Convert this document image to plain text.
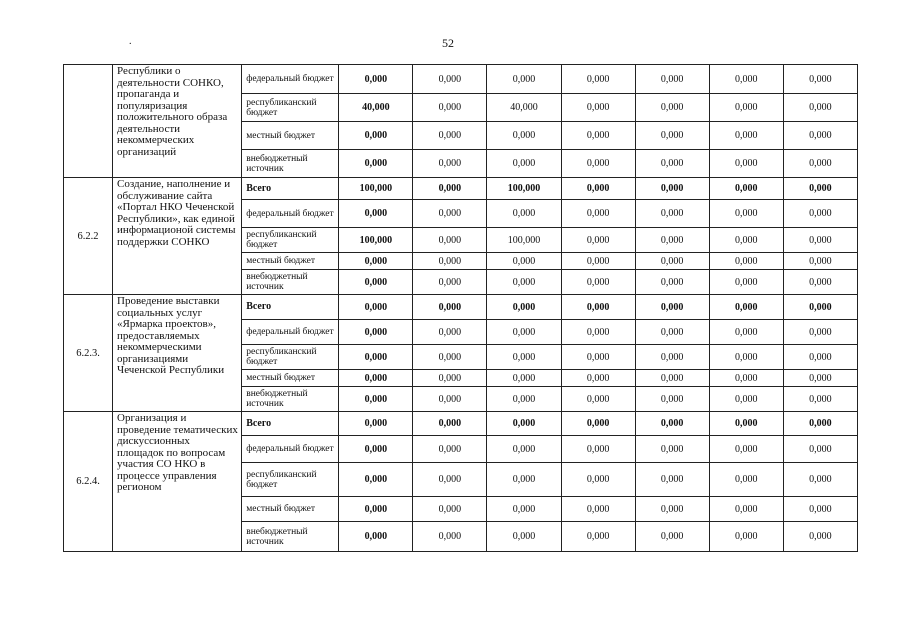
52
.
	Республики о деятельности СОНКО, пропаганда и популяризация положительного образа деятельности некоммерческих организаций	федеральный бюджет	0,000	0,000	0,000	0,000	0,000	0,000	0,000
		республиканский бюджет	40,000	0,000	40,000	0,000	0,000	0,000	0,000
		местный бюджет	0,000	0,000	0,000	0,000	0,000	0,000	0,000
		внебюджетный источник	0,000	0,000	0,000	0,000	0,000	0,000	0,000
6.2.2	Создание, наполнение и обслуживание сайта «Портал НКО Чеченской Республики», как единой информационой системы поддержки СОНКО	Всего	100,000	0,000	100,000	0,000	0,000	0,000	0,000
		федеральный бюджет	0,000	0,000	0,000	0,000	0,000	0,000	0,000
		республиканский бюджет	100,000	0,000	100,000	0,000	0,000	0,000	0,000
		местный бюджет	0,000	0,000	0,000	0,000	0,000	0,000	0,000
		внебюджетный источник	0,000	0,000	0,000	0,000	0,000	0,000	0,000
6.2.3.	Проведение выставки социальных услуг «Ярмарка проектов», предоставляемых некоммерческими организациями Чеченской Республики	Всего	0,000	0,000	0,000	0,000	0,000	0,000	0,000
		федеральный бюджет	0,000	0,000	0,000	0,000	0,000	0,000	0,000
		республиканский бюджет	0,000	0,000	0,000	0,000	0,000	0,000	0,000
		местный бюджет	0,000	0,000	0,000	0,000	0,000	0,000	0,000
		внебюджетный источник	0,000	0,000	0,000	0,000	0,000	0,000	0,000
6.2.4.	Организация и проведение тематических дискуссионных площадок по вопросам участия СО НКО в процессе управления регионом	Всего	0,000	0,000	0,000	0,000	0,000	0,000	0,000
		федеральный бюджет	0,000	0,000	0,000	0,000	0,000	0,000	0,000
		республиканский бюджет	0,000	0,000	0,000	0,000	0,000	0,000	0,000
		местный бюджет	0,000	0,000	0,000	0,000	0,000	0,000	0,000
		внебюджетный источник	0,000	0,000	0,000	0,000	0,000	0,000	0,000
